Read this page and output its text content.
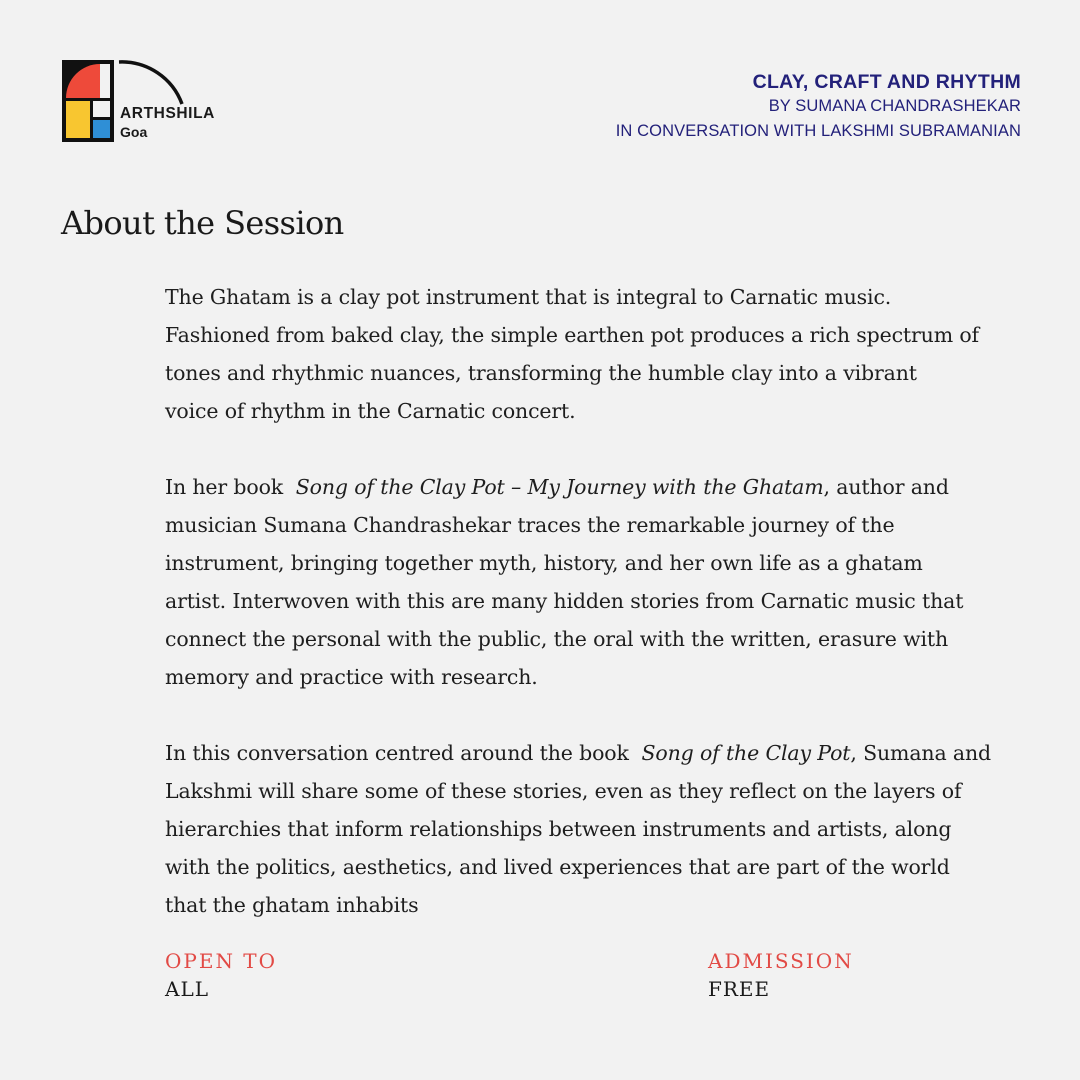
ARTHSHILA
Goa
CLAY, CRAFT AND RHYTHM
BY SUMANA CHANDRASHEKAR
IN CONVERSATION WITH LAKSHMI SUBRAMANIAN
About the Session

The Ghatam is a clay pot instrument that is integral to Carnatic music.
Fashioned from baked clay, the simple earthen pot produces a rich spectrum of
tones and rhythmic nuances, transforming the humble clay into a vibrant
voice of rhythm in the Carnatic concert.

In her book Song of the Clay Pot – My Journey with the Ghatam, author and
musician Sumana Chandrashekar traces the remarkable journey of the
instrument, bringing together myth, history, and her own life as a ghatam
artist. Interwoven with this are many hidden stories from Carnatic music that
connect the personal with the public, the oral with the written, erasure with
memory and practice with research.

In this conversation centred around the book Song of the Clay Pot, Sumana and
Lakshmi will share some of these stories, even as they reflect on the layers of
hierarchies that inform relationships between instruments and artists, along
with the politics, aesthetics, and lived experiences that are part of the world
that the ghatam inhabits

OPEN TO
ALL
ADMISSION
FREE
